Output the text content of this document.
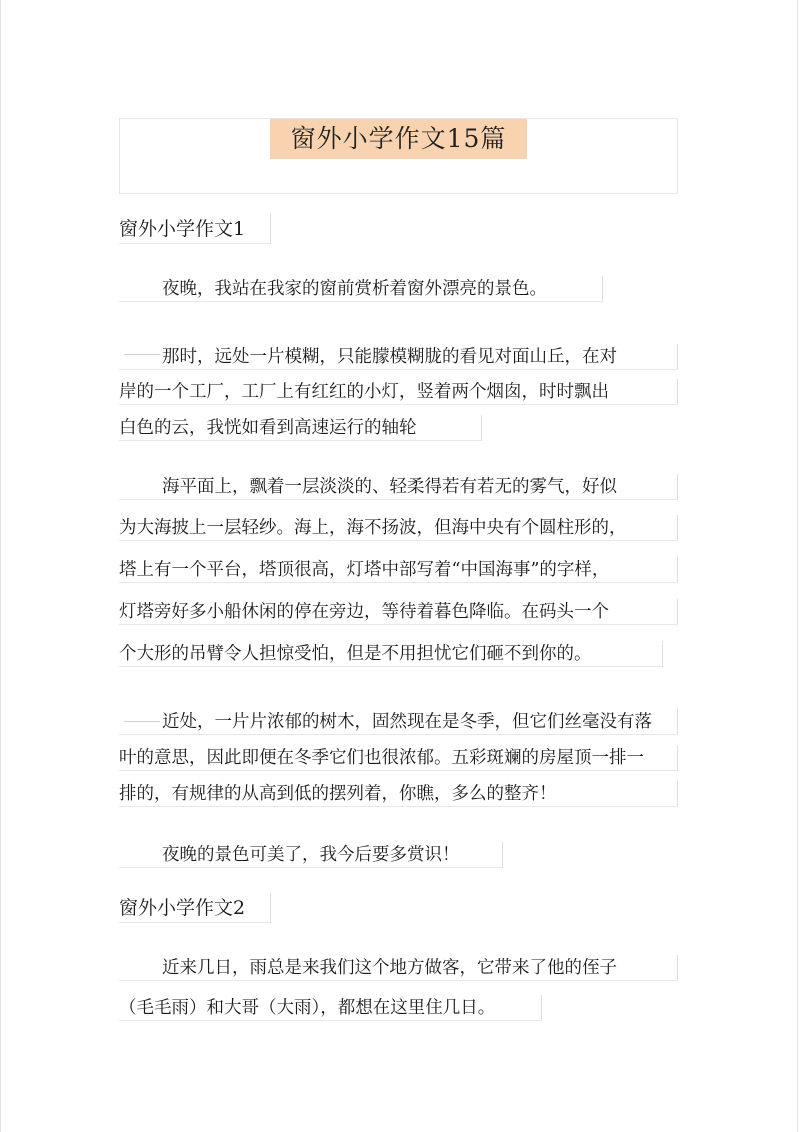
窗外小学作文15篇
窗外小学作文1
夜晚，我站在我家的窗前赏析着窗外漂亮的景色。
那时，远处一片模糊，只能朦模糊胧的看见对面山丘，在对
岸的一个工厂，工厂上有红红的小灯，竖着两个烟囱，时时飘出
白色的云，我恍如看到高速运行的轴轮
海平面上，飘着一层淡淡的、轻柔得若有若无的雾气，好似
为大海披上一层轻纱。海上，海不扬波，但海中央有个圆柱形的，
塔上有一个平台，塔顶很高，灯塔中部写着“中国海事”的字样，
灯塔旁好多小船休闲的停在旁边，等待着暮色降临。在码头一个
个大形的吊臂令人担惊受怕，但是不用担忧它们砸不到你的。
近处，一片片浓郁的树木，固然现在是冬季，但它们丝毫没有落
叶的意思，因此即便在冬季它们也很浓郁。五彩斑斓的房屋顶一排一
排的，有规律的从高到低的摆列着，你瞧，多么的整齐！
夜晚的景色可美了，我今后要多赏识！
窗外小学作文2
近来几日，雨总是来我们这个地方做客，它带来了他的侄子
（毛毛雨）和大哥（大雨），都想在这里住几日。
